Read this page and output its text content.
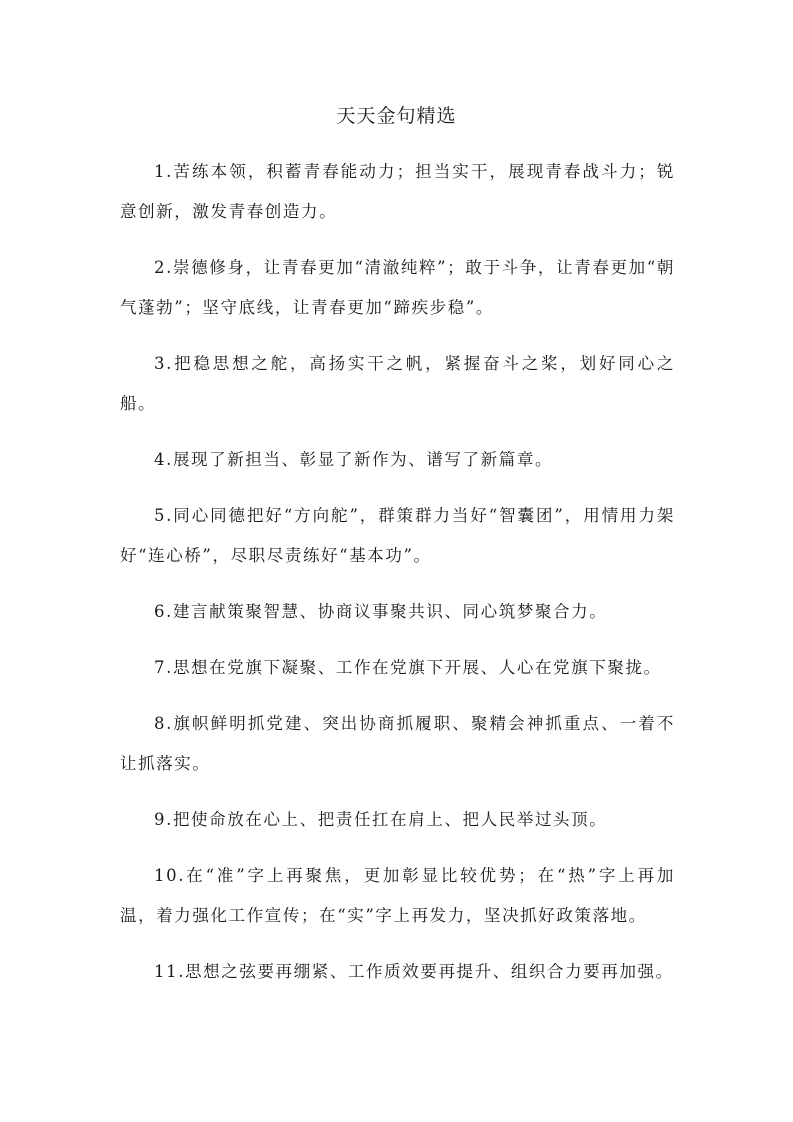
天天金句精选

1.苦练本领，积蓄青春能动力；担当实干，展现青春战斗力；锐意创新，激发青春创造力。

2.崇德修身，让青春更加“清澈纯粹”；敢于斗争，让青春更加“朝气蓬勃”；坚守底线，让青春更加“蹄疾步稳”。

3.把稳思想之舵，高扬实干之帆，紧握奋斗之桨，划好同心之船。

4.展现了新担当、彰显了新作为、谱写了新篇章。

5.同心同德把好“方向舵”，群策群力当好“智囊团”，用情用力架好“连心桥”，尽职尽责练好“基本功”。

6.建言献策聚智慧、协商议事聚共识、同心筑梦聚合力。

7.思想在党旗下凝聚、工作在党旗下开展、人心在党旗下聚拢。

8.旗帜鲜明抓党建、突出协商抓履职、聚精会神抓重点、一着不让抓落实。

9.把使命放在心上、把责任扛在肩上、把人民举过头顶。

10.在“准”字上再聚焦，更加彰显比较优势；在“热”字上再加温，着力强化工作宣传；在“实”字上再发力，坚决抓好政策落地。

11.思想之弦要再绷紧、工作质效要再提升、组织合力要再加强。
